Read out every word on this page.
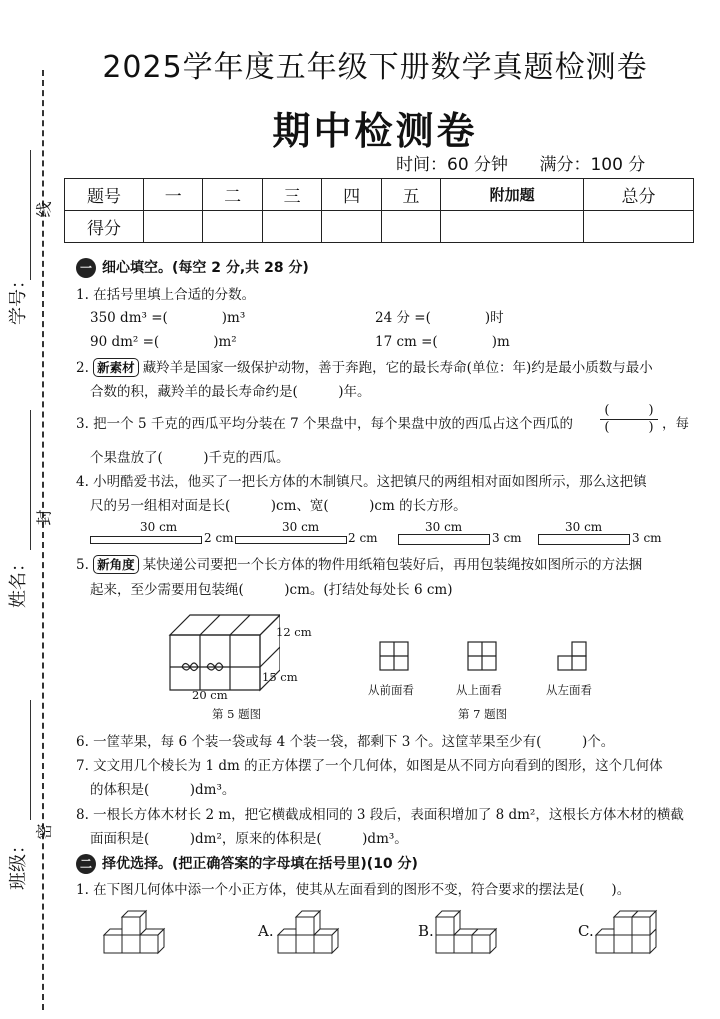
线
封
密
学号：
姓名：
班级：
2025学年度五年级下册数学真题检测卷
期中检测卷
时间：60 分钟 满分：100 分
题号	一	二	三	四	五	附加题	总分
得分							
一 细心填空。(每空 2 分,共 28 分)
1. 在括号里填上合适的分数。
350 dm³ =(　　　　)m³	24 分 =(　　　　)时
90 dm² =(　　　　)m²	17 cm =(　　　　)m
2. 新素材 藏羚羊是国家一级保护动物，善于奔跑，它的最长寿命(单位：年)约是最小质数与最小
合数的积，藏羚羊的最长寿命约是(　　　)年。
3. 把一个 5 千克的西瓜平均分装在 7 个果盘中，每个果盘中放的西瓜占这个西瓜的
(　　　)
(　　　) ，每
个果盘放了(　　　)千克的西瓜。
4. 小明酷爱书法，他买了一把长方体的木制镇尺。这把镇尺的两组相对面如图所示，那么这把镇
尺的另一组相对面是长(　　　)cm、宽(　　　)cm 的长方形。
30 cm
2 cm
30 cm
2 cm
30 cm
3 cm
30 cm
3 cm
5. 新角度 某快递公司要把一个长方体的物件用纸箱包装好后，再用包装绳按如图所示的方法捆
起来，至少需要用包装绳(　　　)cm。(打结处每处长 6 cm)
12 cm
15 cm
20 cm
第 5 题图
从前面看	从上面看	从左面看
第 7 题图
6. 一筐苹果，每 6 个装一袋或每 4 个装一袋，都剩下 3 个。这筐苹果至少有(　　　)个。
7. 文文用几个棱长为 1 dm 的正方体摆了一个几何体，如图是从不同方向看到的图形，这个几何体
的体积是(　　　)dm³。
8. 一根长方体木材长 2 m，把它横截成相同的 3 段后，表面积增加了 8 dm²，这根长方体木材的横截
面面积是(　　　)dm²，原来的体积是(　　　)dm³。
二 择优选择。(把正确答案的字母填在括号里)(10 分)
1. 在下图几何体中添一个小正方体，使其从左面看到的图形不变，符合要求的摆法是(　　)。
A.	B.	C.
